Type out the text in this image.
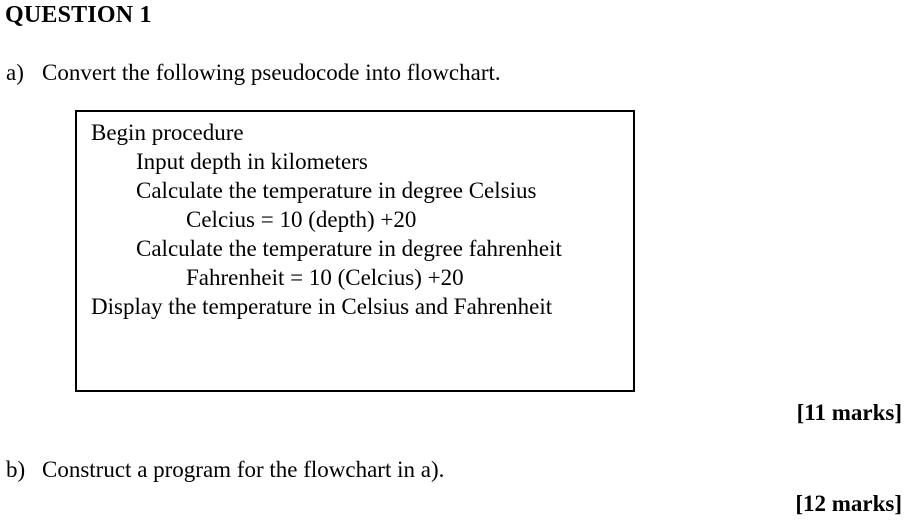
QUESTION 1
a) Convert the following pseudocode into flowchart.
Begin procedure
Input depth in kilometers
Calculate the temperature in degree Celsius
Celcius = 10 (depth) +20
Calculate the temperature in degree fahrenheit
Fahrenheit = 10 (Celcius) +20
Display the temperature in Celsius and Fahrenheit
[11 marks]
b) Construct a program for the flowchart in a).
[12 marks]
